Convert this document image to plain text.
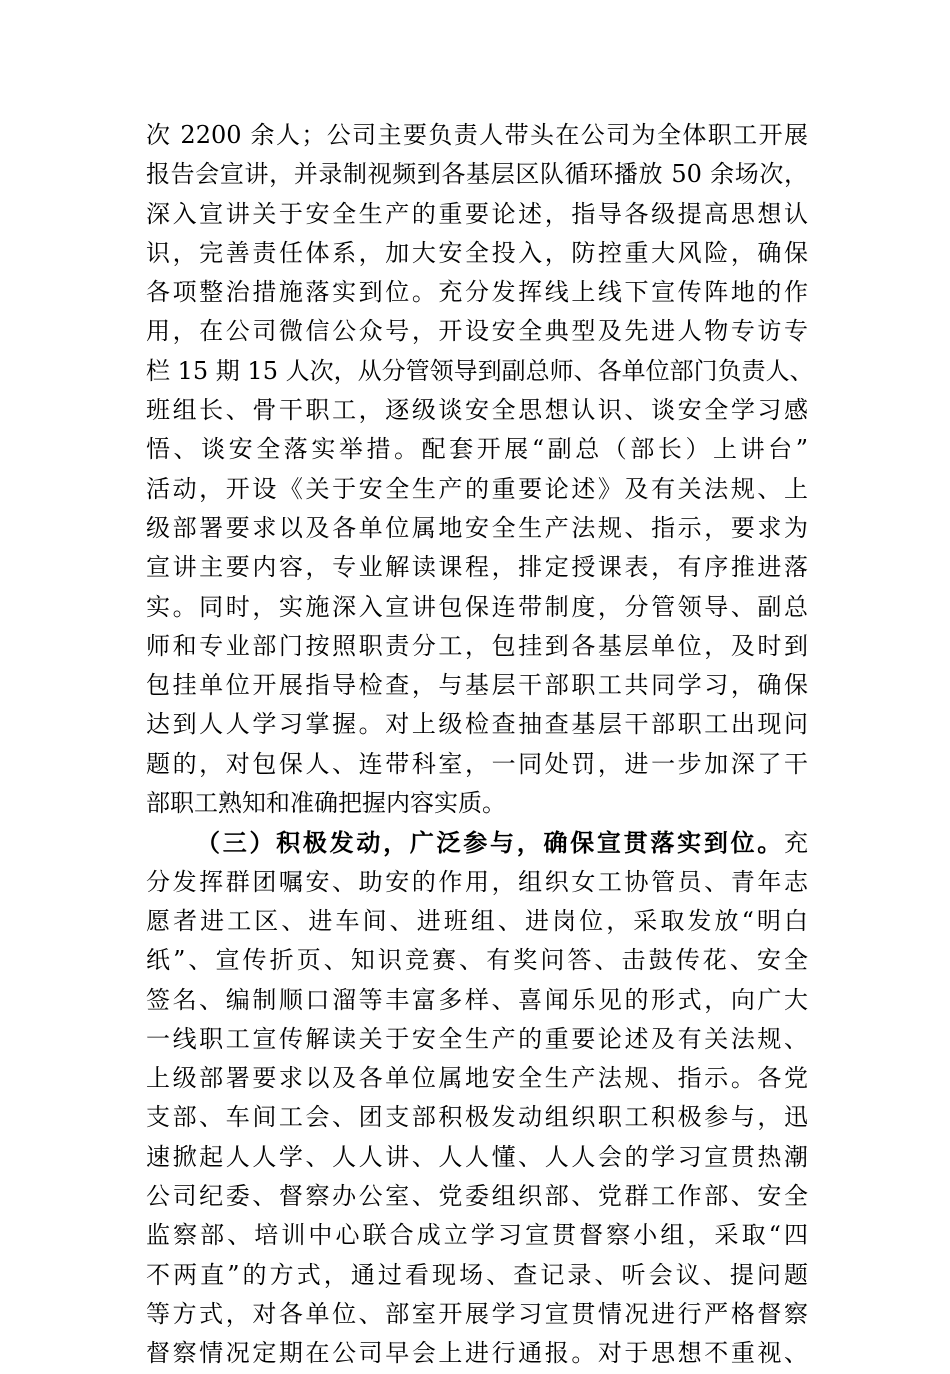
次 2200 余人；公司主要负责人带头在公司为全体职工开展
报告会宣讲，并录制视频到各基层区队循环播放 50 余场次，
深入宣讲关于安全生产的重要论述，指导各级提高思想认
识，完善责任体系，加大安全投入，防控重大风险，确保
各项整治措施落实到位。充分发挥线上线下宣传阵地的作
用，在公司微信公众号，开设安全典型及先进人物专访专
栏 15 期 15 人次，从分管领导到副总师、各单位部门负责人、
班组长、骨干职工，逐级谈安全思想认识、谈安全学习感
悟、谈安全落实举措。配套开展“副总（部长）上讲台”
活动，开设《关于安全生产的重要论述》及有关法规、上
级部署要求以及各单位属地安全生产法规、指示，要求为
宣讲主要内容，专业解读课程，排定授课表，有序推进落
实。同时，实施深入宣讲包保连带制度，分管领导、副总
师和专业部门按照职责分工，包挂到各基层单位，及时到
包挂单位开展指导检查，与基层干部职工共同学习，确保
达到人人学习掌握。对上级检查抽查基层干部职工出现问
题的，对包保人、连带科室，一同处罚，进一步加深了干
部职工熟知和准确把握内容实质。
（三）积极发动，广泛参与，确保宣贯落实到位。充
分发挥群团嘱安、助安的作用，组织女工协管员、青年志
愿者进工区、进车间、进班组、进岗位，采取发放“明白
纸”、宣传折页、知识竞赛、有奖问答、击鼓传花、安全
签名、编制顺口溜等丰富多样、喜闻乐见的形式，向广大
一线职工宣传解读关于安全生产的重要论述及有关法规、
上级部署要求以及各单位属地安全生产法规、指示。各党
支部、车间工会、团支部积极发动组织职工积极参与，迅
速掀起人人学、人人讲、人人懂、人人会的学习宣贯热潮
公司纪委、督察办公室、党委组织部、党群工作部、安全
监察部、培训中心联合成立学习宣贯督察小组，采取“四
不两直”的方式，通过看现场、查记录、听会议、提问题
等方式，对各单位、部室开展学习宣贯情况进行严格督察
督察情况定期在公司早会上进行通报。对于思想不重视、
